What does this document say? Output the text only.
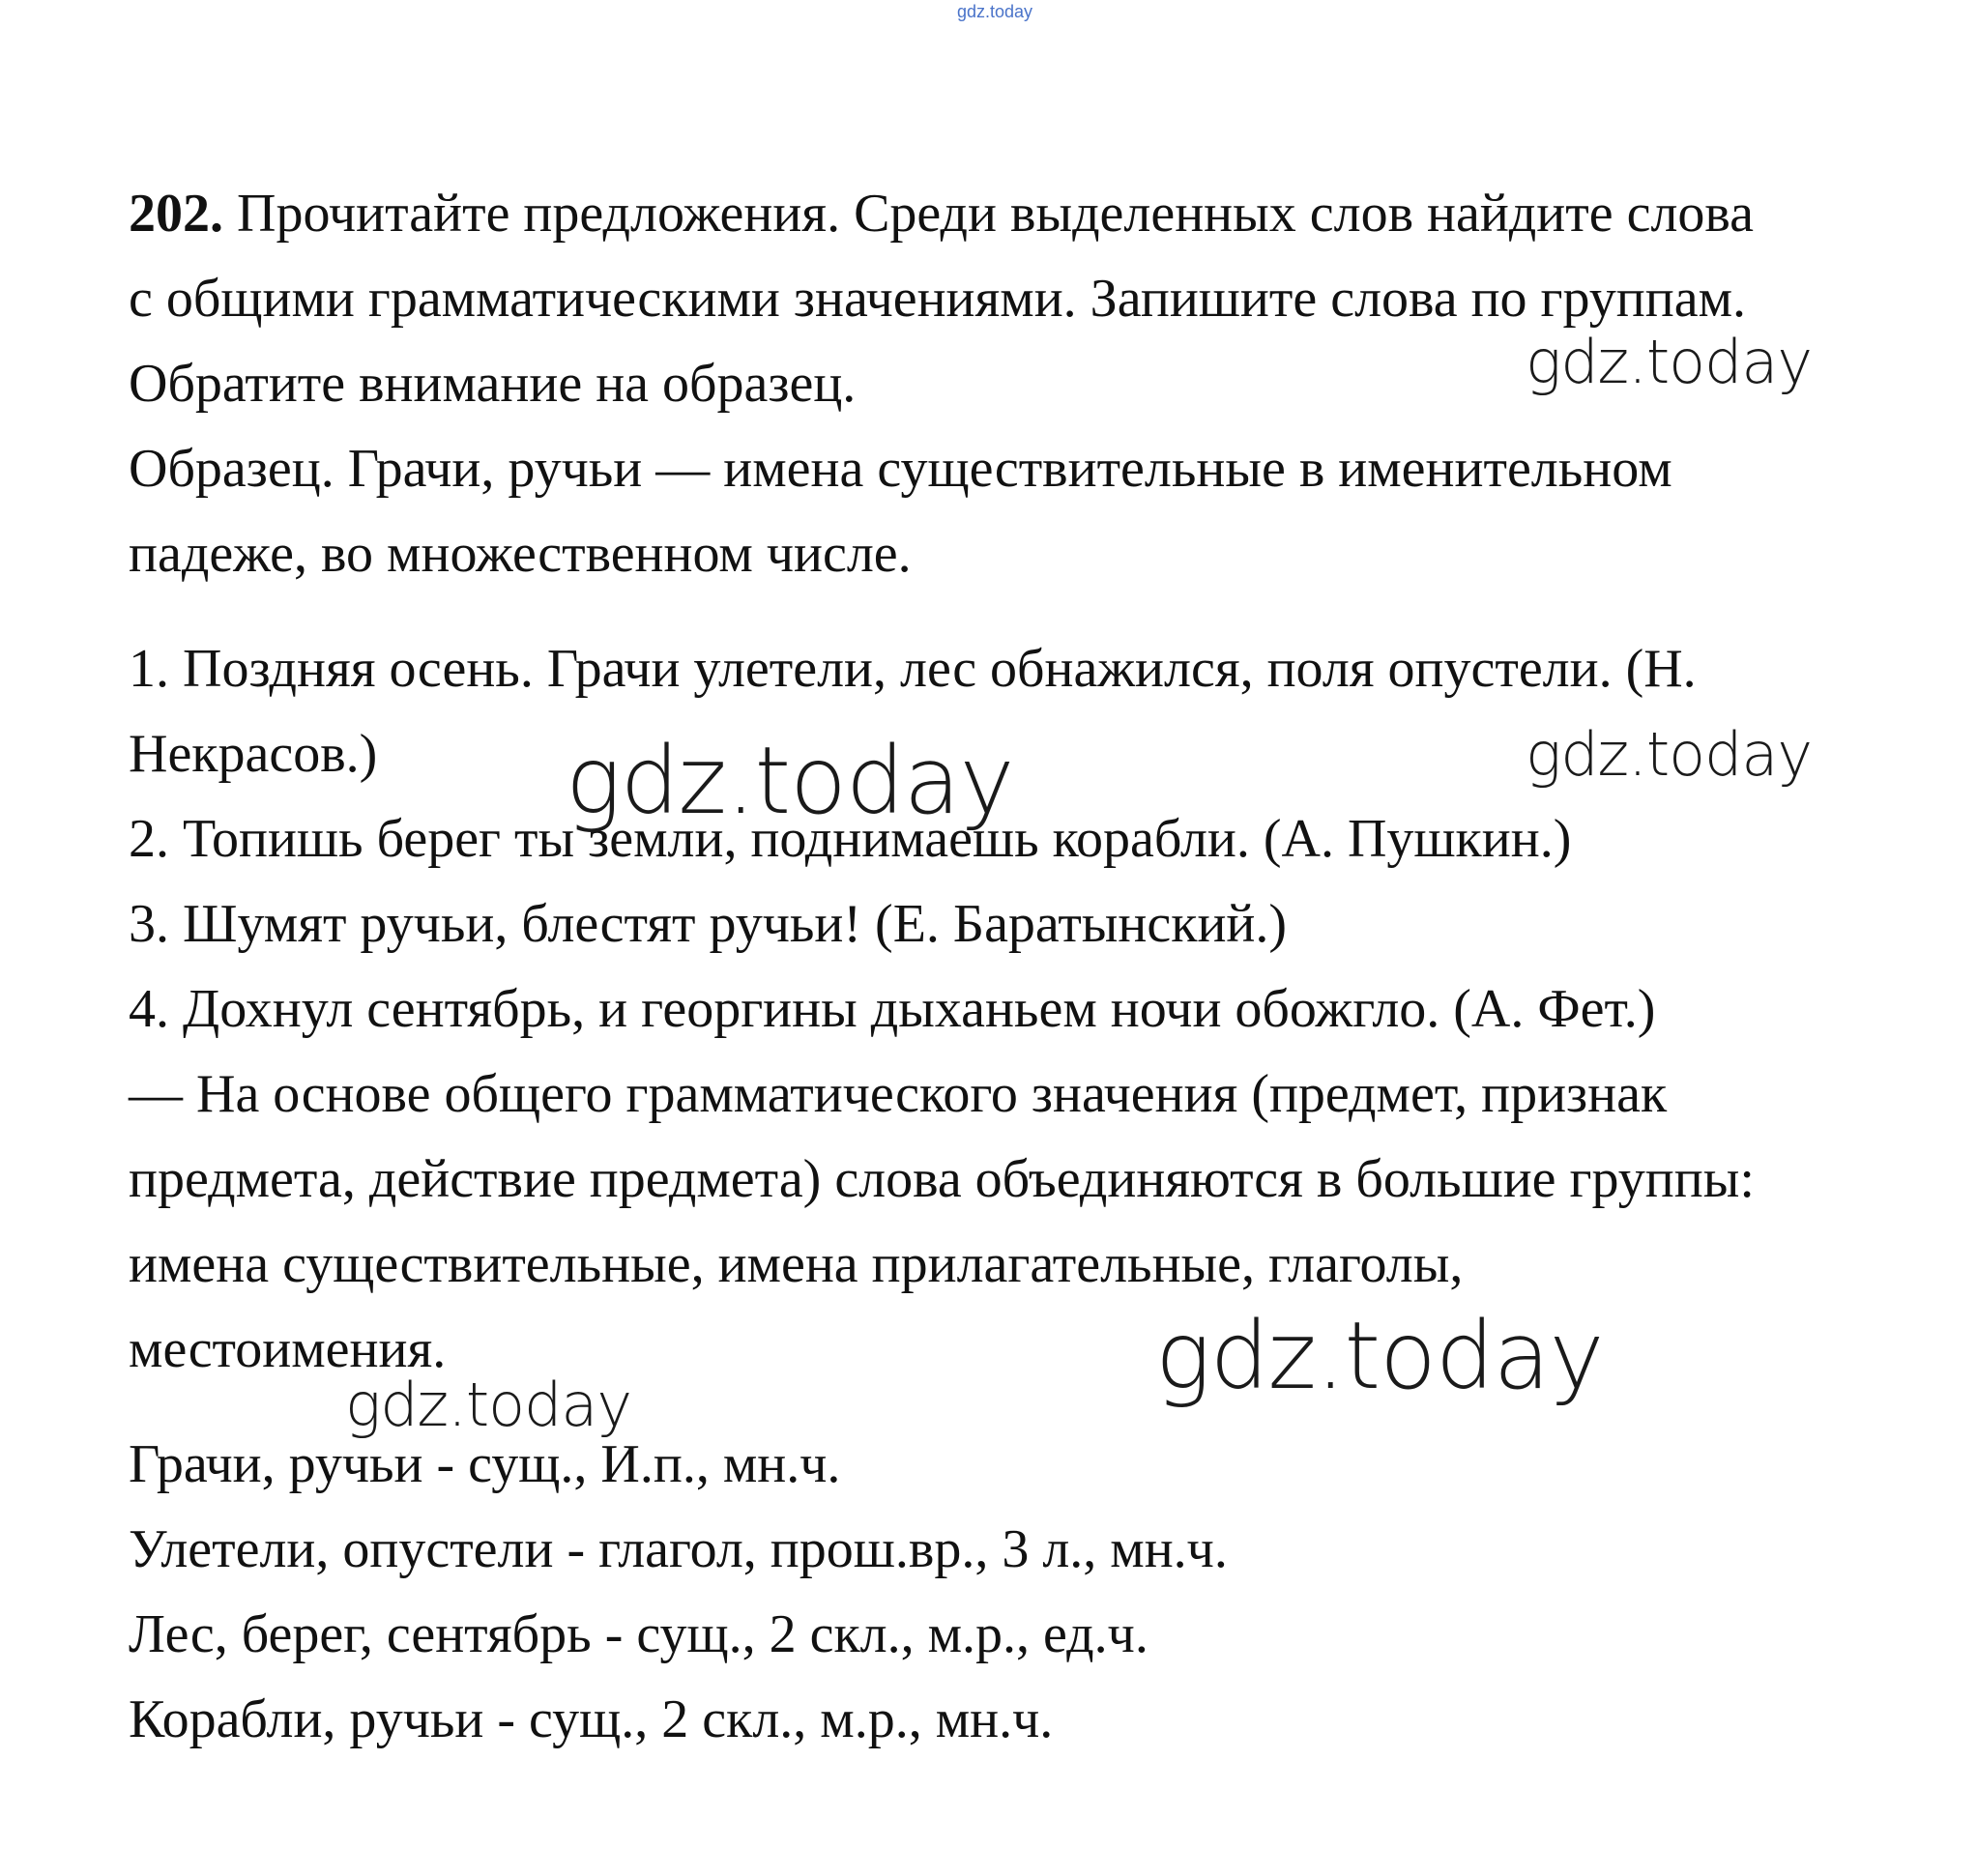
gdz.today
202. Прочитайте предложения. Среди выделенных слов найдите слова
с общими грамматическими значениями. Запишите слова по группам.
Обратите внимание на образец.
Образец. Грачи, ручьи — имена существительные в именительном
падеже, во множественном числе.
1. Поздняя осень. Грачи улетели, лес обнажился, поля опустели. (Н.
Некрасов.)
2. Топишь берег ты земли, поднимаешь корабли. (А. Пушкин.)
3. Шумят ручьи, блестят ручьи! (Е. Баратынский.)
4. Дохнул сентябрь, и георгины дыханьем ночи обожгло. (А. Фет.)
— На основе общего грамматического значения (предмет, признак
предмета, действие предмета) слова объединяются в большие группы:
имена существительные, имена прилагательные, глаголы,
местоимения.
Грачи, ручьи - сущ., И.п., мн.ч.
Улетели, опустели - глагол, прош.вр., 3 л., мн.ч.
Лес, берег, сентябрь - сущ., 2 скл., м.р., ед.ч.
Корабли, ручьи - сущ., 2 скл., м.р., мн.ч.
gdz.today
gdz.today
gdz.today
gdz.today
gdz.today
